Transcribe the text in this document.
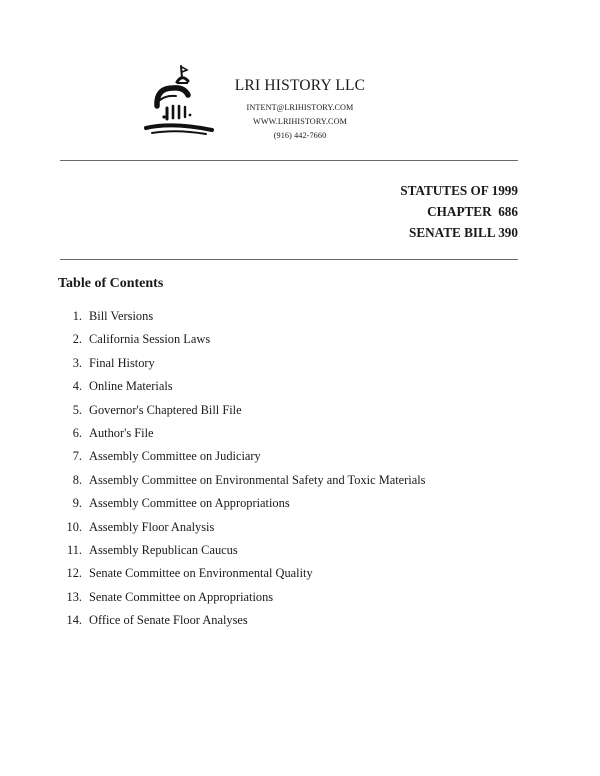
LRI HISTORY LLC
INTENT@LRIHISTORY.COM
WWW.LRIHISTORY.COM
(916) 442-7660
STATUTES OF 1999
CHAPTER  686
SENATE BILL 390
Table of Contents
1. Bill Versions
2. California Session Laws
3. Final History
4. Online Materials
5. Governor's Chaptered Bill File
6. Author's File
7. Assembly Committee on Judiciary
8. Assembly Committee on Environmental Safety and Toxic Materials
9. Assembly Committee on Appropriations
10. Assembly Floor Analysis
11. Assembly Republican Caucus
12. Senate Committee on Environmental Quality
13. Senate Committee on Appropriations
14. Office of Senate Floor Analyses
